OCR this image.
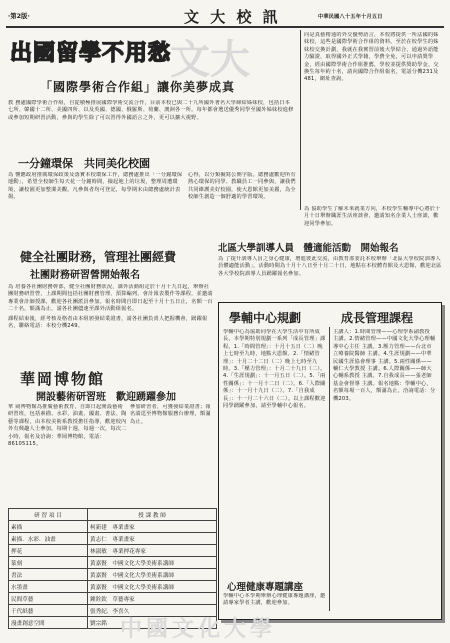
‧第2版‧	文 大 校 訊	中華民國八十五年十月五日
文大
出國留學不用愁
「國際學術合作組」讓你美夢成真
教 務處國際學術合作組，自從積極推展國際學術交流合作，目前本校已與二十九所國外著名大學締結姊妹校，包括日本七所、韓國十二所、美國四所、以及英國、德國、俄羅斯、荷蘭、澳洲各一所。每年都會選送優秀同學至國外姊妹校進修或參加短期研習活動，參與的學生除了可以習得外國語言之外，更可以擴大視野。
向是真藝精通的外交優勢語言，本校將提供一所法國的姊妹校，這些是國際學術合作組的資料。至於在校學生的姊妹校交換計劃，我就在我實習前後大學結合，通過外語能力驗證，取得國外正式學籍，學費全免，可以申請獎學金，經由國際學術合作組推薦，學校並提供獎助學金。交換生每年約十名，請向國際合作組報名，電話分機231及481，網址查詢。
一分鐘環保　共同美化校園
為 響應政府推廣環保政策及落實本校環保工作，總務處推出「一分鐘環保運動」，希望全校師生每天花一分鐘時間，撿起地上的垃圾，整理周遭環境，讓校園更加整潔美觀。凡參與者均可登記，每學期末由總務處統計表揚。
心得，以分類擬寫公開字版。總務處歡迎所有熱心環保的同學、教職員工一同參與，讓我們共同維護美好校園，使大恩館更加美麗，為全校師生創造一個舒適的學習環境。
為 協助學生了解未來就業方向，本校學生輔導中心將於十月十日舉辦職涯生活座談會，邀請知名企業人士座談，歡迎同學參加。
北區大學訓導人員　體適能活動　開始報名
為 了提升訓導人員之身心健康，增進彼此交流，由教育部委託本校舉辦「北區大學校院訓導人員體適能活動」，活動時間為十月十八日至十月二十日，地點在本校體育館及大恩館，歡迎北區各大學校院訓導人員踴躍報名參加。
健全社團財務，管理社團經費
社團財務研習營開始報名
為 培養各社團財務幹部，健全社團財務狀況，課外活動組定於十月十九日起，舉辦社團財務研習營，上課期間包括社團財務管理、預算編列、會計報表製作等課程，並邀請專業會計師授課，歡迎各社團派員參加。報名時間自即日起至十月十五日止，名額一百二十名，額滿為止，請各社團儘速至課外活動組報名。
課程結束後，經考核及格者由本組頒發結業證書，請各社團負責人把握機會，踴躍報名，聯絡電話：本校分機249。
華岡博物館
開設藝術研習班　歡迎踴躍參加
華 岡博物館為推廣藝術教育，自即日起開設藝術研習班，包括素描、水彩、油畫、國畫、書法、陶藝等課程，由本校美術系教授擔任指導，歡迎校內外有興趣人士參加。每期十週，每週一次，每次二小時，報名及洽詢：華岡博物館，電話：86105115。
參加研習者，可獲發結業證書；報名請逕至博物館服務台辦理，額滿為止。
研 習 項 目	授 課 教 師
素描	柯新建　專業畫家
素描．水彩．油畫	黃志仁　專業畫家
押花	林淑敏　專業押花專家
篆刻	黃嘉賢　中國文化大學美術系講師
書法	黃嘉賢　中國文化大學美術系講師
水墨畫	黃嘉賢　中國文化大學美術系講師
民間草藝	鍾銓欽　草藝專家
千代紙藝	張秀紀．李喜久
漫畫創意空間	劉宗銘
學輔中心規劃	成長管理課程
學輔中心為協助同學在大學生活中有所成長，本學期特別規劃一系列「成長管理」課程。1.「時間管理」：十月十五日（二）晚上七時至九時，地點大恩館。2.「情緒管理」：十月二十二日（二）晚上七時至九時。3.「壓力管理」：十月二十九日（二）。4.「生涯規劃」：十一月五日（二）。5.「兩性關係」：十一月十二日（二）。6.「人際關係」：十一月十九日（二）。7.「自我成長」：十一月二十六日（二）。以上課程歡迎同學踴躍參加，請至學輔中心報名。
主講人：1.時間管理——心理學系副教授 主講。2.情緒管理——中國文化大學心理輔導中心主任 主講。3.壓力管理——台北市立療養院醫師 主講。4.生涯規劃——中華民國生涯協會理事 主講。5.兩性關係——輔仁大學教授 主講。6.人際關係——師大心輔系教授 主講。7.自我成長——張老師基金會督導 主講。報名地點：學輔中心，名額每場一百人，額滿為止，洽詢電話：分機203。
心理健康專題講座
學輔中心本學期舉辦心理健康專題講座，邀請專家學者主講，歡迎參加。
中國文化大學
